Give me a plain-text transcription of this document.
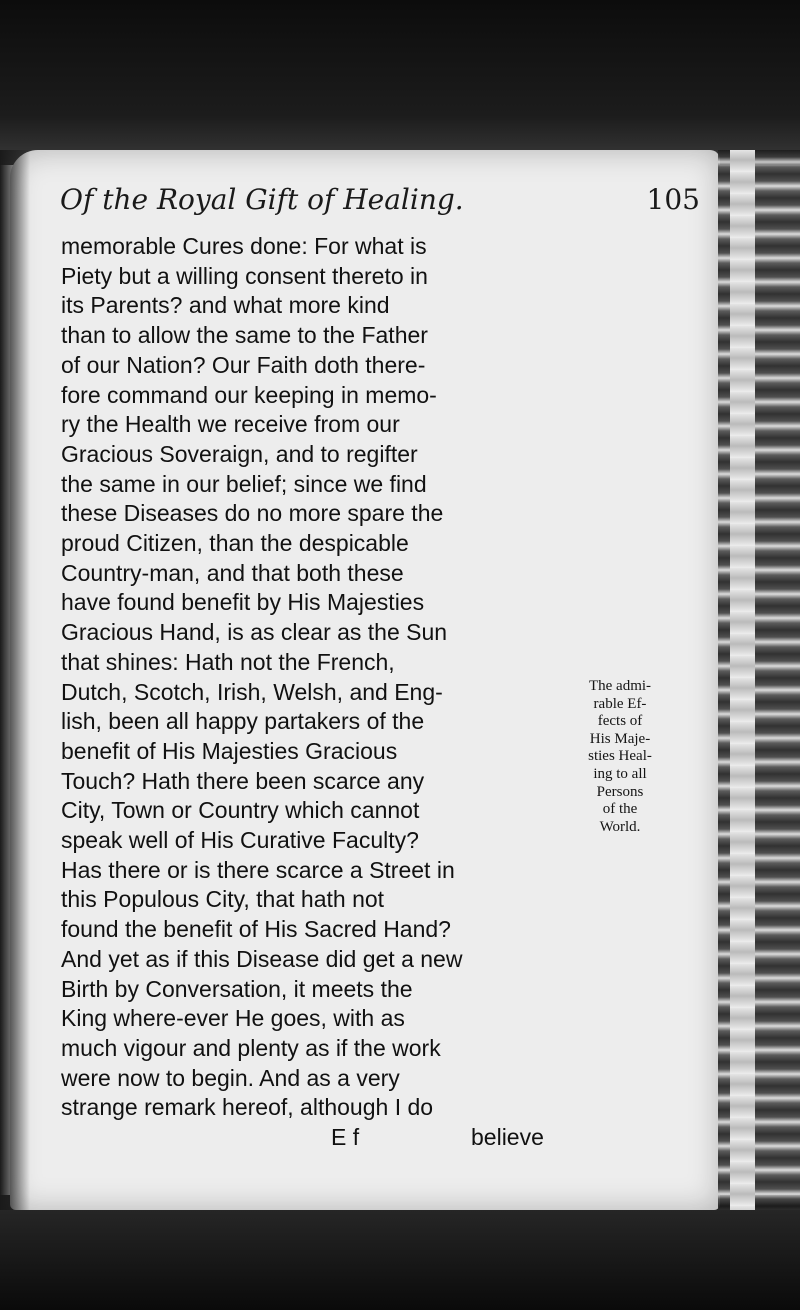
Of the Royal Gift of Healing.	105
memorable Cures done: For what is
Piety but a willing consent thereto in
its Parents? and what more kind
than to allow the same to the Father
of our Nation? Our Faith doth there-
fore command our keeping in memo-
ry the Health we receive from our
Gracious Soveraign, and to regifter
the same in our belief; since we find
these Diseases do no more spare the
proud Citizen, than the despicable
Country-man, and that both these
have found benefit by His Majesties
Gracious Hand, is as clear as the Sun
that shines: Hath not the French,
Dutch, Scotch, Irish, Welsh, and Eng-
lish, been all happy partakers of the
benefit of His Majesties Gracious
Touch? Hath there been scarce any
City, Town or Country which cannot
speak well of His Curative Faculty?
Has there or is there scarce a Street in
this Populous City, that hath not
found the benefit of His Sacred Hand?
And yet as if this Disease did get a new
Birth by Conversation, it meets the
King where-ever He goes, with as
much vigour and plenty as if the work
were now to begin. And as a very
strange remark hereof, although I do
E f	believe
The admi-
rable Ef-
fects of
His Maje-
sties Heal-
ing to all
Persons
of the
World.
